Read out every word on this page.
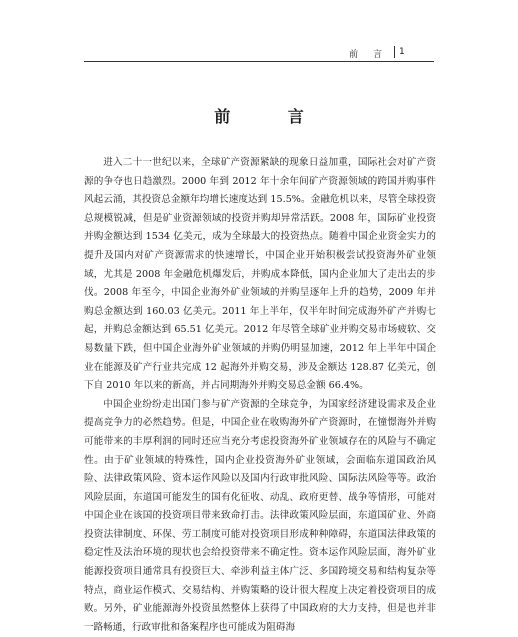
前 言	1
前 言

进入二十一世纪以来，全球矿产资源紧缺的现象日益加重，国际社会对矿产资源的争夺也日趋激烈。2000 年到 2012 年十余年间矿产资源领域的跨国并购事件风起云涌，其投资总金额年均增长速度达到 15.5%。金融危机以来，尽管全球投资总规模锐减，但是矿业资源领域的投资并购却异常活跃。2008 年，国际矿业投资并购金额达到 1534 亿美元，成为全球最大的投资热点。随着中国企业资金实力的提升及国内对矿产资源需求的快速增长，中国企业开始积极尝试投资海外矿业领域，尤其是 2008 年金融危机爆发后，并购成本降低，国内企业加大了走出去的步伐。2008 年至今，中国企业海外矿业领域的并购呈逐年上升的趋势，2009 年并购总金额达到 160.03 亿美元。2011 年上半年，仅半年时间完成海外矿产并购七起，并购总金额达到 65.51 亿美元。2012 年尽管全球矿业并购交易市场疲软、交易数量下跌，但中国企业海外矿业领域的并购仍明显加速，2012 年上半年中国企业在能源及矿产行业共完成 12 起海外并购交易，涉及金额达 128.87 亿美元，创下自 2010 年以来的新高，并占同期海外并购交易总金额 66.4%。

中国企业纷纷走出国门参与矿产资源的全球竞争，为国家经济建设需求及企业提高竞争力的必然趋势。但是，中国企业在收购海外矿产资源时，在憧憬海外并购可能带来的丰厚利润的同时还应当充分考虑投资海外矿业领域存在的风险与不确定性。由于矿业领域的特殊性，国内企业投资海外矿业领域，会面临东道国政治风险、法律政策风险、资本运作风险以及国内行政审批风险、国际法风险等等。政治风险层面，东道国可能发生的国有化征收、动乱、政府更替、战争等情形，可能对中国企业在该国的投资项目带来致命打击。法律政策风险层面，东道国矿业、外商投资法律制度、环保、劳工制度可能对投资项目形成种种障碍，东道国法律政策的稳定性及法治环境的现状也会给投资带来不确定性。资本运作风险层面，海外矿业能源投资项目通常具有投资巨大、牵涉利益主体广泛、多国跨境交易和结构复杂等特点，商业运作模式、交易结构、并购策略的设计很大程度上决定着投资项目的成败。另外，矿业能源海外投资虽然整体上获得了中国政府的大力支持，但是也并非一路畅通，行政审批和备案程序也可能成为阻碍海
